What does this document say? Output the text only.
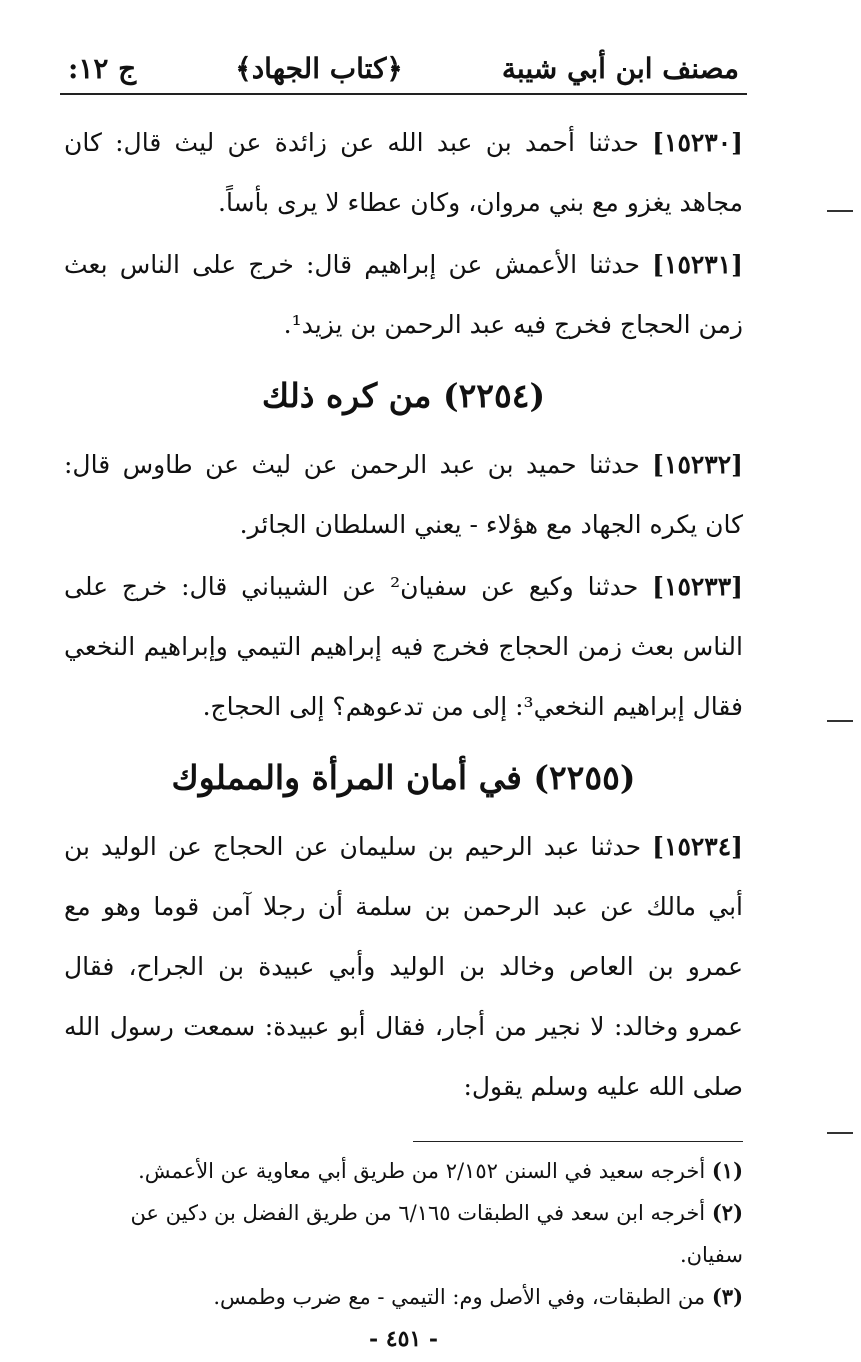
مصنف ابن أبي شيبة
﴿كتاب الجهاد﴾
ج ١٢:

[١٥٢٣٠] حدثنا أحمد بن عبد الله عن زائدة عن ليث قال: كان مجاهد يغزو مع بني مروان، وكان عطاء لا يرى بأساً.

[١٥٢٣١] حدثنا الأعمش عن إبراهيم قال: خرج على الناس بعث زمن الحجاج فخرج فيه عبد الرحمن بن يزيد¹.

(٢٢٥٤) من كره ذلك

[١٥٢٣٢] حدثنا حميد بن عبد الرحمن عن ليث عن طاوس قال: كان يكره الجهاد مع هؤلاء - يعني السلطان الجائر.

[١٥٢٣٣] حدثنا وكيع عن سفيان² عن الشيباني قال: خرج على الناس بعث زمن الحجاج فخرج فيه إبراهيم التيمي وإبراهيم النخعي فقال إبراهيم النخعي³: إلى من تدعوهم؟ إلى الحجاج.

(٢٢٥٥) في أمان المرأة والمملوك

[١٥٢٣٤] حدثنا عبد الرحيم بن سليمان عن الحجاج عن الوليد بن أبي مالك عن عبد الرحمن بن سلمة أن رجلا آمن قوما وهو مع عمرو بن العاص وخالد بن الوليد وأبي عبيدة بن الجراح، فقال عمرو وخالد: لا نجير من أجار، فقال أبو عبيدة: سمعت رسول الله صلى الله عليه وسلم يقول:

(١) أخرجه سعيد في السنن ٢/١٥٢ من طريق أبي معاوية عن الأعمش.
(٢) أخرجه ابن سعد في الطبقات ٦/١٦٥ من طريق الفضل بن دكين عن سفيان.
(٣) من الطبقات، وفي الأصل وم: التيمي - مع ضرب وطمس.
- ٤٥١ -
